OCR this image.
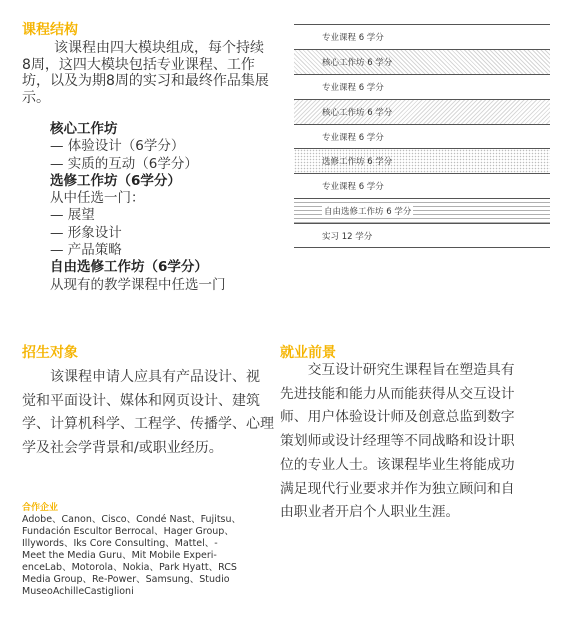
课程结构

该课程由四大模块组成，每个持续

8周，这四大模块包括专业课程、工作
坊，以及为期8周的实习和最终作品集展
示。
核心工作坊
— 体验设计（6学分）
— 实质的互动（6学分）
选修工作坊（6学分）
从中任选一门：
— 展望
— 形象设计
— 产品策略
自由选修工作坊（6学分）
从现有的教学课程中任选一门
专业课程 6 学分
核心工作坊 6 学分
专业课程 6 学分
核心工作坊 6 学分
专业课程 6 学分
选修工作坊 6 学分
专业课程 6 学分
自由选修工作坊 6 学分
实习 12 学分
招生对象

该课程申请人应具有产品设计、视

觉和平面设计、媒体和网页设计、建筑
学、计算机科学、工程学、传播学、心理
学及社会学背景和/或职业经历。
就业前景

交互设计研究生课程旨在塑造具有

先进技能和能力从而能获得从交互设计
师、用户体验设计师及创意总监到数字
策划师或设计经理等不同战略和设计职
位的专业人士。该课程毕业生将能成功
满足现代行业要求并作为独立顾问和自
由职业者开启个人职业生涯。
合作企业
Adobe、Canon、Cisco、Condé Nast、Fujitsu、
Fundación Escultor Berrocal、Hager Group、
Illywords、Iks Core Consulting、Mattel、-
Meet the Media Guru、Mit Mobile Experi-
enceLab、Motorola、Nokia、Park Hyatt、RCS
Media Group、Re-Power、Samsung、Studio
MuseoAchilleCastiglioni
